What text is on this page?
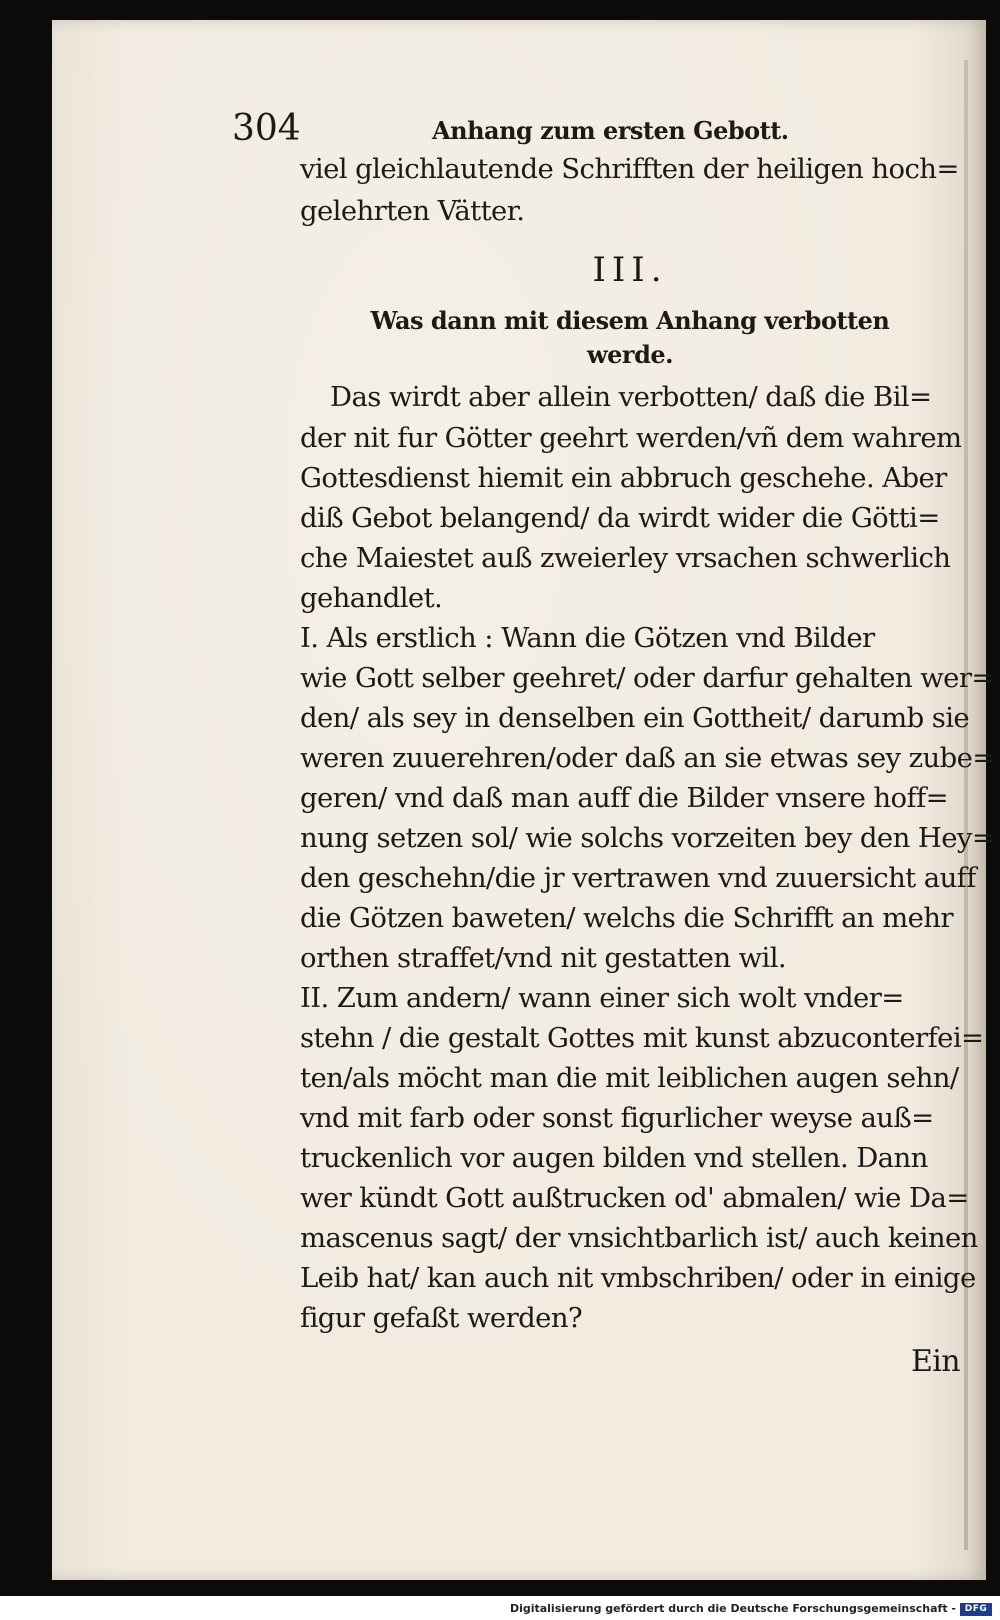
304	Anhang zum ersten Gebott.
viel gleichlautende Schrifften der heiligen hoch=
gelehrten Vätter.
III.
Was dann mit diesem Anhang verbotten
werde.
Das wirdt aber allein verbotten/ daß die Bil=
der nit fur Götter geehrt werden/vñ dem wahrem
Gottesdienst hiemit ein abbruch geschehe. Aber
diß Gebot belangend/ da wirdt wider die Götti=
che Maiestet auß zweierley vrsachen schwerlich
gehandlet.
I. Als erstlich : Wann die Götzen vnd Bilder
wie Gott selber geehret/ oder darfur gehalten wer=
den/ als sey in denselben ein Gottheit/ darumb sie
weren zuuerehren/oder daß an sie etwas sey zube=
geren/ vnd daß man auff die Bilder vnsere hoff=
nung setzen sol/ wie solchs vorzeiten bey den Hey=
den geschehn/die jr vertrawen vnd zuuersicht auff
die Götzen baweten/ welchs die Schrifft an mehr
orthen straffet/vnd nit gestatten wil.
II. Zum andern/ wann einer sich wolt vnder=
stehn / die gestalt Gottes mit kunst abzuconterfei=
ten/als möcht man die mit leiblichen augen sehn/
vnd mit farb oder sonst figurlicher weyse auß=
truckenlich vor augen bilden vnd stellen. Dann
wer kündt Gott außtrucken od' abmalen/ wie Da=
mascenus sagt/ der vnsichtbarlich ist/ auch keinen
Leib hat/ kan auch nit vmbschriben/ oder in einige
figur gefaßt werden?
Ein
Digitalisierung gefördert durch die Deutsche Forschungsgemeinschaft - DFG
